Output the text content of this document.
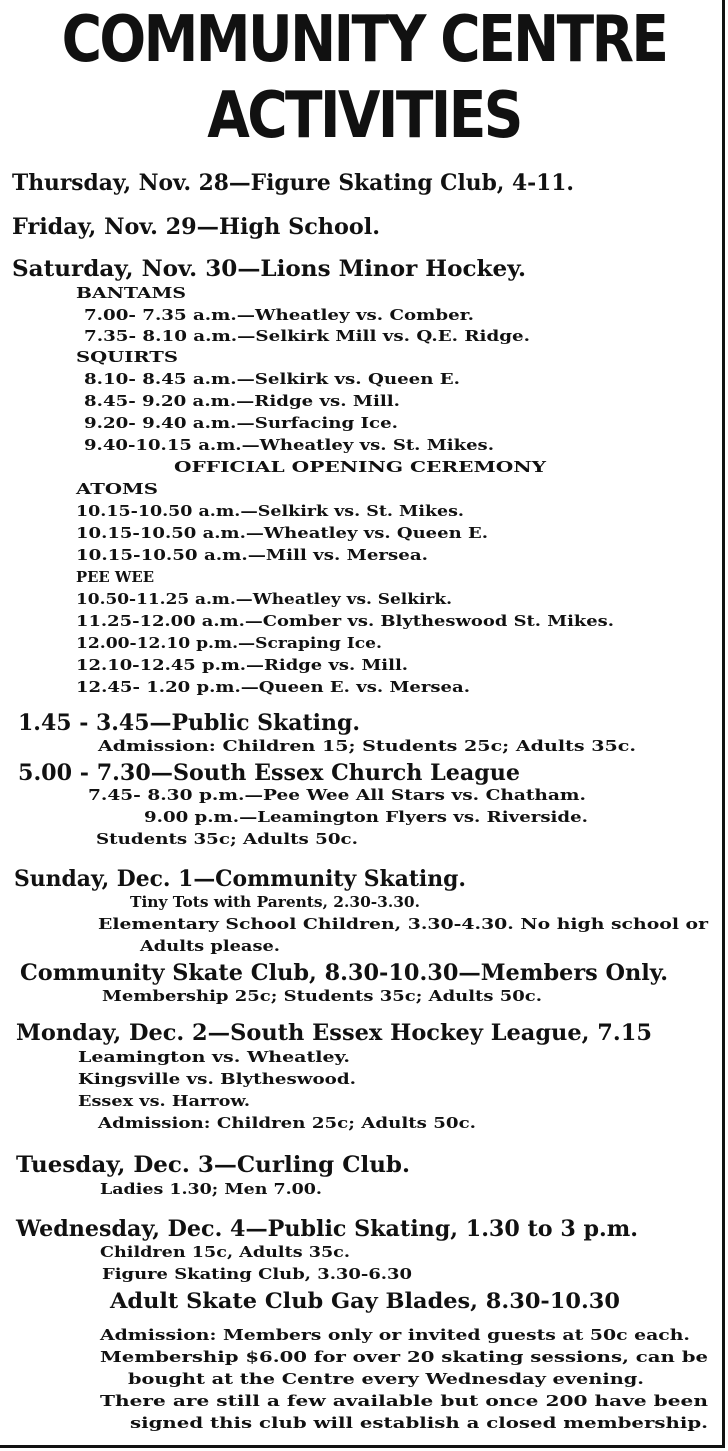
COMMUNITY CENTRE
ACTIVITIES
Thursday, Nov. 28—Figure Skating Club, 4-11.
Friday, Nov. 29—High School.
Saturday, Nov. 30—Lions Minor Hockey.
BANTAMS
7.00- 7.35 a.m.—Wheatley vs. Comber.
7.35- 8.10 a.m.—Selkirk Mill vs. Q.E. Ridge.
SQUIRTS
8.10- 8.45 a.m.—Selkirk vs. Queen E.
8.45- 9.20 a.m.—Ridge vs. Mill.
9.20- 9.40 a.m.—Surfacing Ice.
9.40-10.15 a.m.—Wheatley vs. St. Mikes.
OFFICIAL OPENING CEREMONY
ATOMS
10.15-10.50 a.m.—Selkirk vs. St. Mikes.
10.15-10.50 a.m.—Wheatley vs. Queen E.
10.15-10.50 a.m.—Mill vs. Mersea.
PEE WEE
10.50-11.25 a.m.—Wheatley vs. Selkirk.
11.25-12.00 a.m.—Comber vs. Blytheswood St. Mikes.
12.00-12.10 p.m.—Scraping Ice.
12.10-12.45 p.m.—Ridge vs. Mill.
12.45- 1.20 p.m.—Queen E. vs. Mersea.
1.45 - 3.45—Public Skating.
Admission: Children 15; Students 25c; Adults 35c.
5.00 - 7.30—South Essex Church League
7.45- 8.30 p.m.—Pee Wee All Stars vs. Chatham.
9.00 p.m.—Leamington Flyers vs. Riverside.
Students 35c; Adults 50c.
Sunday, Dec. 1—Community Skating.
Tiny Tots with Parents, 2.30-3.30.
Elementary School Children, 3.30-4.30. No high school or
Adults please.
Community Skate Club, 8.30-10.30—Members Only.
Membership 25c; Students 35c; Adults 50c.
Monday, Dec. 2—South Essex Hockey League, 7.15
Leamington vs. Wheatley.
Kingsville vs. Blytheswood.
Essex vs. Harrow.
Admission: Children 25c; Adults 50c.
Tuesday, Dec. 3—Curling Club.
Ladies 1.30; Men 7.00.
Wednesday, Dec. 4—Public Skating, 1.30 to 3 p.m.
Children 15c, Adults 35c.
Figure Skating Club, 3.30-6.30
Adult Skate Club Gay Blades, 8.30-10.30
Admission: Members only or invited guests at 50c each.
Membership $6.00 for over 20 skating sessions, can be
bought at the Centre every Wednesday evening.
There are still a few available but once 200 have been
signed this club will establish a closed membership.
